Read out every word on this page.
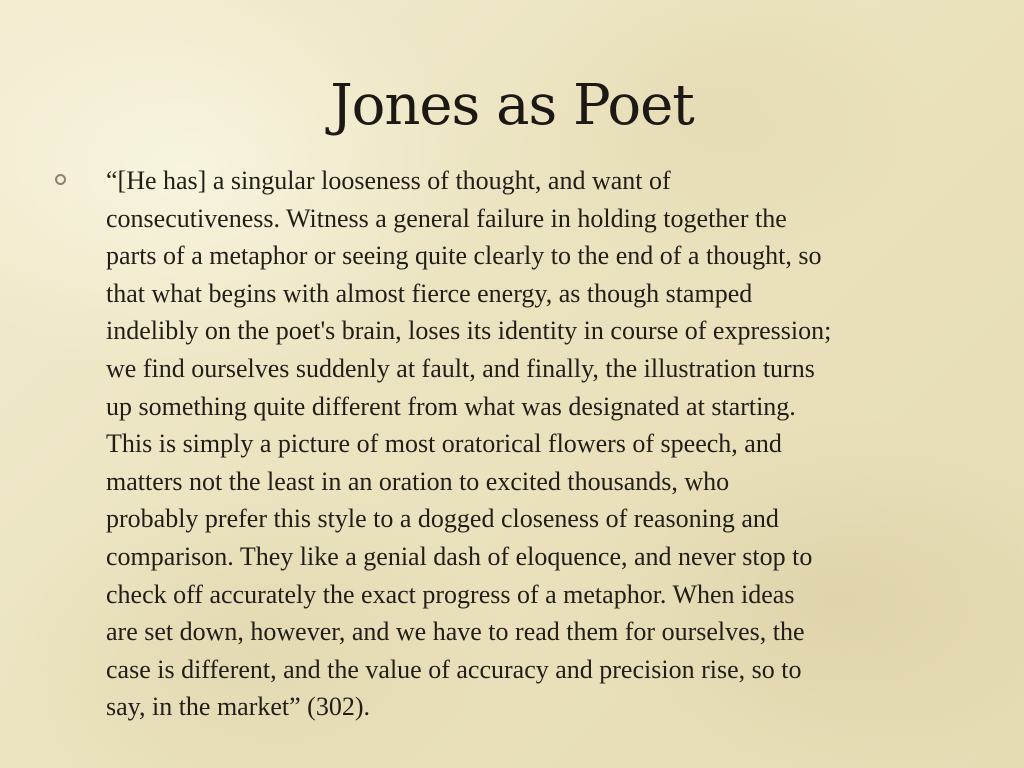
Jones as Poet

“[He has] a singular looseness of thought, and want of
consecutiveness. Witness a general failure in holding together the
parts of a metaphor or seeing quite clearly to the end of a thought, so
that what begins with almost fierce energy, as though stamped
indelibly on the poet's brain, loses its identity in course of expression;
we find ourselves suddenly at fault, and finally, the illustration turns
up something quite different from what was designated at starting.
This is simply a picture of most oratorical flowers of speech, and
matters not the least in an oration to excited thousands, who
probably prefer this style to a dogged closeness of reasoning and
comparison. They like a genial dash of eloquence, and never stop to
check off accurately the exact progress of a metaphor. When ideas
are set down, however, and we have to read them for ourselves, the
case is different, and the value of accuracy and precision rise, so to
say, in the market” (302).
